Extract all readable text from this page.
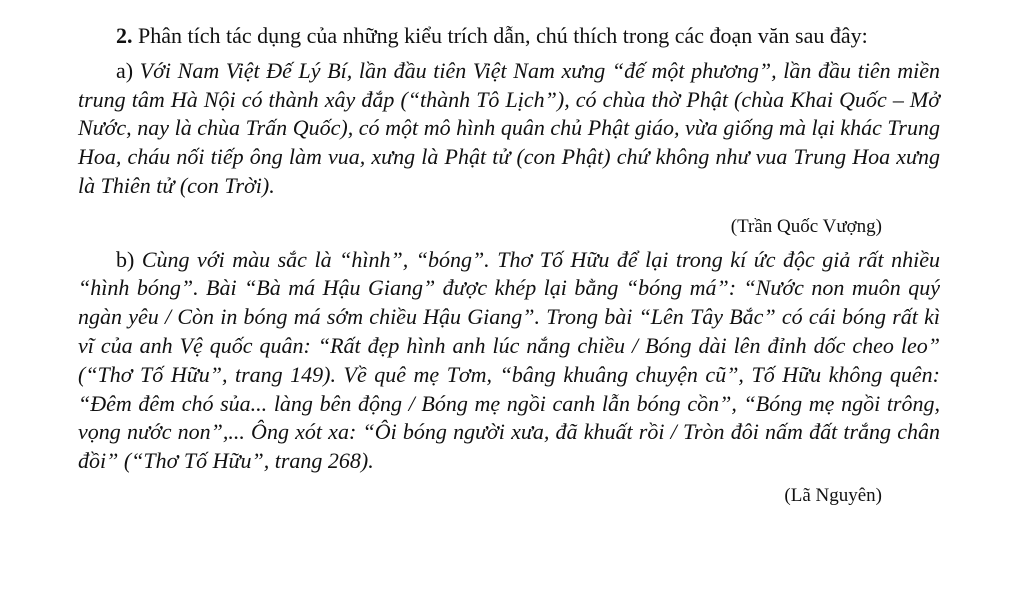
2. Phân tích tác dụng của những kiểu trích dẫn, chú thích trong các đoạn văn sau đây:

a) Với Nam Việt Đế Lý Bí, lần đầu tiên Việt Nam xưng “đế một phương”, lần đầu tiên miền trung tâm Hà Nội có thành xây đắp (“thành Tô Lịch”), có chùa thờ Phật (chùa Khai Quốc – Mở Nước, nay là chùa Trấn Quốc), có một mô hình quân chủ Phật giáo, vừa giống mà lại khác Trung Hoa, cháu nối tiếp ông làm vua, xưng là Phật tử (con Phật) chứ không như vua Trung Hoa xưng là Thiên tử (con Trời).

(Trần Quốc Vượng)

b) Cùng với màu sắc là “hình”, “bóng”. Thơ Tố Hữu để lại trong kí ức độc giả rất nhiều “hình bóng”. Bài “Bà má Hậu Giang” được khép lại bằng “bóng má”: “Nước non muôn quý ngàn yêu / Còn in bóng má sớm chiều Hậu Giang”. Trong bài “Lên Tây Bắc” có cái bóng rất kì vĩ của anh Vệ quốc quân: “Rất đẹp hình anh lúc nắng chiều / Bóng dài lên đỉnh dốc cheo leo” (“Thơ Tố Hữu”, trang 149). Về quê mẹ Tơm, “bâng khuâng chuyện cũ”, Tố Hữu không quên: “Đêm đêm chó sủa... làng bên động / Bóng mẹ ngồi canh lẫn bóng cồn”, “Bóng mẹ ngồi trông, vọng nước non”,... Ông xót xa: “Ôi bóng người xưa, đã khuất rồi / Tròn đôi nấm đất trắng chân đồi” (“Thơ Tố Hữu”, trang 268).

(Lã Nguyên)
